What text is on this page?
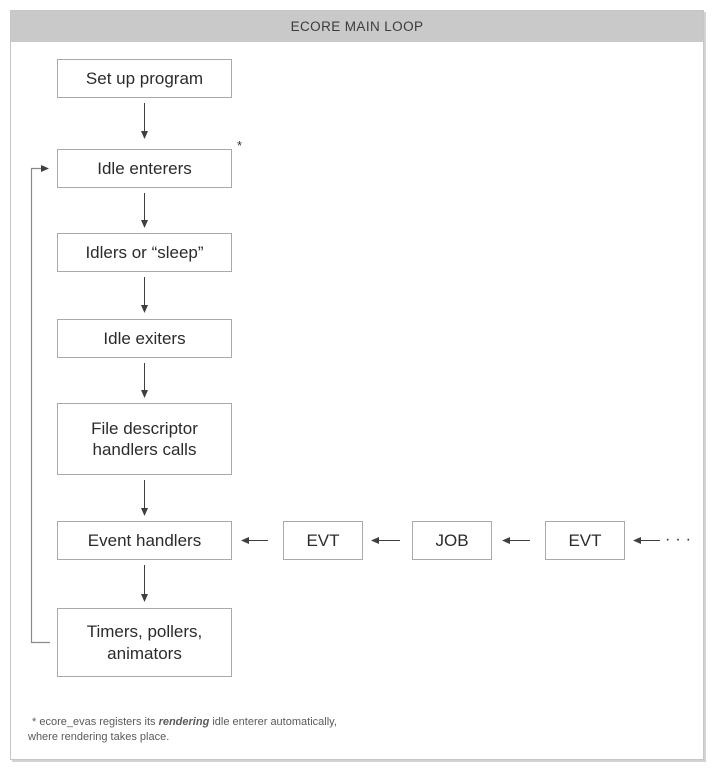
ECORE MAIN LOOP
Set up program
Idle enterers
Idlers or “sleep”
Idle exiters
File descriptor handlers calls
Event handlers
Timers, pollers, animators
EVT	JOB	EVT
*
···
* ecore_evas registers its rendering idle enterer automatically,
where rendering takes place.
